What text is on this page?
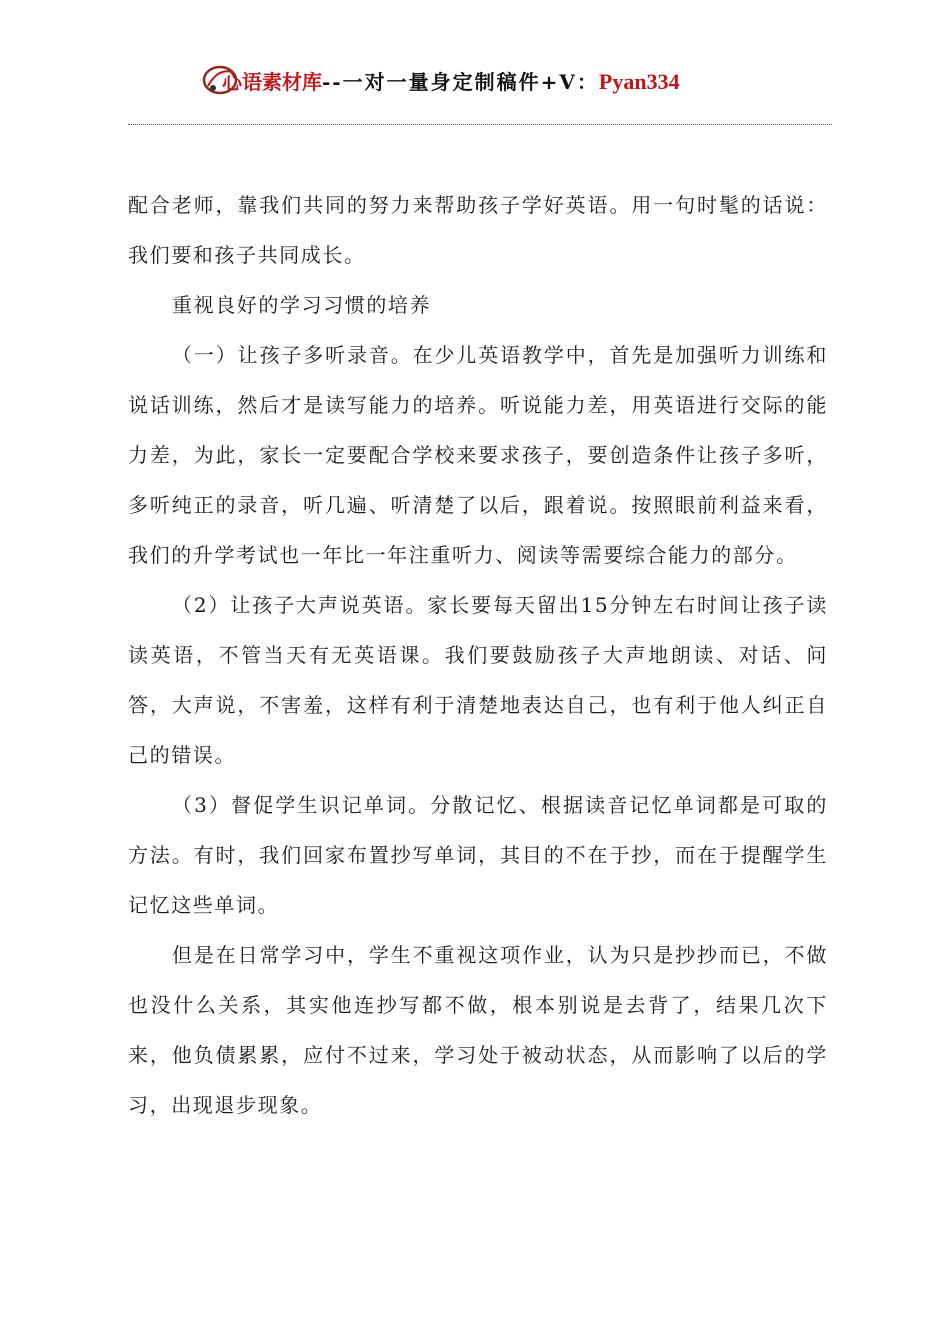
心语素材库--一对一量身定制稿件+V：Pyan334

配合老师，靠我们共同的努力来帮助孩子学好英语。用一句时髦的话说：我们要和孩子共同成长。

重视良好的学习习惯的培养

（一）让孩子多听录音。在少儿英语教学中，首先是加强听力训练和说话训练，然后才是读写能力的培养。听说能力差，用英语进行交际的能力差，为此，家长一定要配合学校来要求孩子，要创造条件让孩子多听，多听纯正的录音，听几遍、听清楚了以后，跟着说。按照眼前利益来看，我们的升学考试也一年比一年注重听力、阅读等需要综合能力的部分。

（2）让孩子大声说英语。家长要每天留出15分钟左右时间让孩子读读英语，不管当天有无英语课。我们要鼓励孩子大声地朗读、对话、问答，大声说，不害羞，这样有利于清楚地表达自己，也有利于他人纠正自己的错误。

（3）督促学生识记单词。分散记忆、根据读音记忆单词都是可取的方法。有时，我们回家布置抄写单词，其目的不在于抄，而在于提醒学生记忆这些单词。

但是在日常学习中，学生不重视这项作业，认为只是抄抄而已，不做也没什么关系，其实他连抄写都不做，根本别说是去背了，结果几次下来，他负债累累，应付不过来，学习处于被动状态，从而影响了以后的学习，出现退步现象。
